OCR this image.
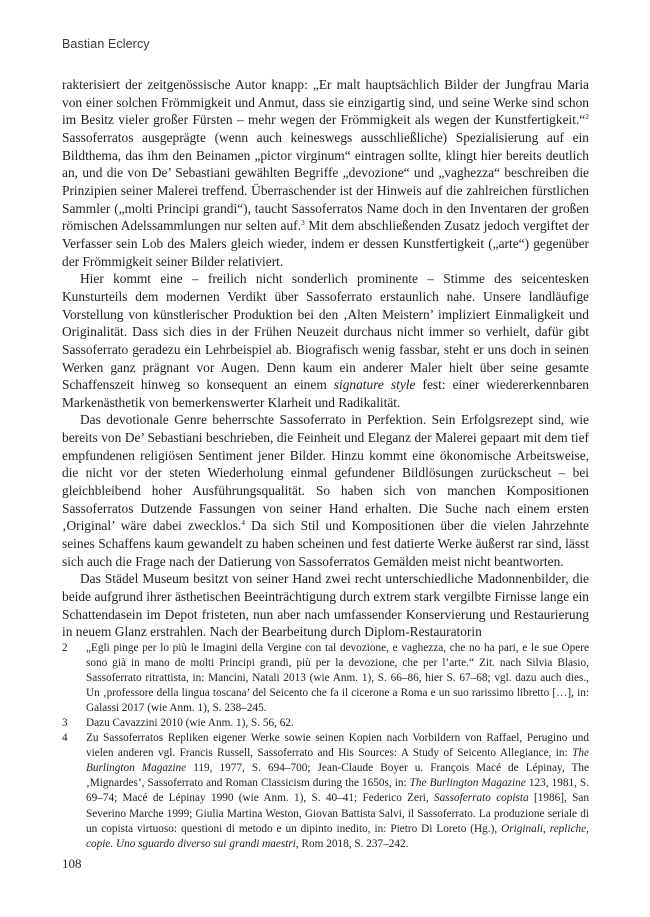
Bastian Eclercy

rakterisiert der zeitgenössische Autor knapp: „Er malt hauptsächlich Bilder der Jungfrau Maria von einer solchen Frömmigkeit und Anmut, dass sie einzigartig sind, und seine Werke sind schon im Besitz vieler großer Fürsten – mehr wegen der Frömmigkeit als wegen der Kunstfertigkeit.“$^2$ Sassoferratos ausgeprägte (wenn auch keineswegs ausschließliche) Spezialisierung auf ein Bildthema, das ihm den Beinamen „pictor virginum“ eintragen sollte, klingt hier bereits deutlich an, und die von De’ Sebastiani gewählten Begriffe „devozione“ und „vaghezza“ beschreiben die Prinzipien seiner Malerei treffend. Überraschender ist der Hinweis auf die zahlreichen fürstlichen Sammler („molti Principi grandi“), taucht Sassoferratos Name doch in den Inventaren der großen römischen Adelssammlungen nur selten auf.$^3$ Mit dem abschließenden Zusatz jedoch vergiftet der Verfasser sein Lob des Malers gleich wieder, indem er dessen Kunstfertigkeit („arte“) gegenüber der Frömmigkeit seiner Bilder relativiert.

Hier kommt eine – freilich nicht sonderlich prominente – Stimme des seicentesken Kunsturteils dem modernen Verdikt über Sassoferrato erstaunlich nahe. Unsere landläufige Vorstellung von künstlerischer Produktion bei den ‚Alten Meistern’ impliziert Einmaligkeit und Originalität. Dass sich dies in der Frühen Neuzeit durchaus nicht immer so verhielt, dafür gibt Sassoferrato geradezu ein Lehrbeispiel ab. Biografisch wenig fassbar, steht er uns doch in seinen Werken ganz prägnant vor Augen. Denn kaum ein anderer Maler hielt über seine gesamte Schaffenszeit hinweg so konsequent an einem signature style fest: einer wiedererkennbaren Markenästhetik von bemerkenswerter Klarheit und Radikalität.

Das devotionale Genre beherrschte Sassoferrato in Perfektion. Sein Erfolgsrezept sind, wie bereits von De’ Sebastiani beschrieben, die Feinheit und Eleganz der Malerei gepaart mit dem tief empfundenen religiösen Sentiment jener Bilder. Hinzu kommt eine ökonomische Arbeitsweise, die nicht vor der steten Wiederholung einmal gefundener Bildlösungen zurückscheut – bei gleichbleibend hoher Ausführungsqualität. So haben sich von manchen Kompositionen Sassoferratos Dutzende Fassungen von seiner Hand erhalten. Die Suche nach einem ersten ‚Original’ wäre dabei zwecklos.$^4$ Da sich Stil und Kompositionen über die vielen Jahrzehnte seines Schaffens kaum gewandelt zu haben scheinen und fest datierte Werke äußerst rar sind, lässt sich auch die Frage nach der Datierung von Sassoferratos Gemälden meist nicht beantworten.

Das Städel Museum besitzt von seiner Hand zwei recht unterschiedliche Madonnenbilder, die beide aufgrund ihrer ästhetischen Beeinträchtigung durch extrem stark vergilbte Firnisse lange ein Schattendasein im Depot fristeten, nun aber nach umfassender Konservierung und Restaurierung in neuem Glanz erstrahlen. Nach der Bearbeitung durch Diplom-Restauratorin

2	„Egli pinge per lo più le Imagini della Vergine con tal devozione, e vaghezza, che no ha pari, e le sue Opere sono già in mano de molti Principi grandi, più per la devozione, che per l’arte.“ Zit. nach Silvia Blasio, Sassoferrato ritrattista, in: Mancini, Natali 2013 (wie Anm. 1), S. 66–86, hier S. 67–68; vgl. dazu auch dies., Un ‚professore della lingua toscana’ del Seicento che fa il cicerone a Roma e un suo rarissimo libretto […], in: Galassi 2017 (wie Anm. 1), S. 238–245.
3	Dazu Cavazzini 2010 (wie Anm. 1), S. 56, 62.
4	Zu Sassoferratos Repliken eigener Werke sowie seinen Kopien nach Vorbildern von Raffael, Perugino und vielen anderen vgl. Francis Russell, Sassoferrato and His Sources: A Study of Seicento Allegiance, in: The Burlington Magazine 119, 1977, S. 694–700; Jean-Claude Boyer u. François Macé de Lépinay, The ‚Mignardes’, Sassoferrato and Roman Classicism during the 1650s, in: The Burlington Magazine 123, 1981, S. 69–74; Macé de Lépinay 1990 (wie Anm. 1), S. 40–41; Federico Zeri, Sassoferrato copista [1986], San Severino Marche 1999; Giulia Martina Weston, Giovan Battista Salvi, il Sassoferrato. La produzione seriale di un copista virtuoso: questioni di metodo e un dipinto inedito, in: Pietro Di Loreto (Hg.), Originali, repliche, copie. Uno sguardo diverso sui grandi maestri, Rom 2018, S. 237–242.
108
